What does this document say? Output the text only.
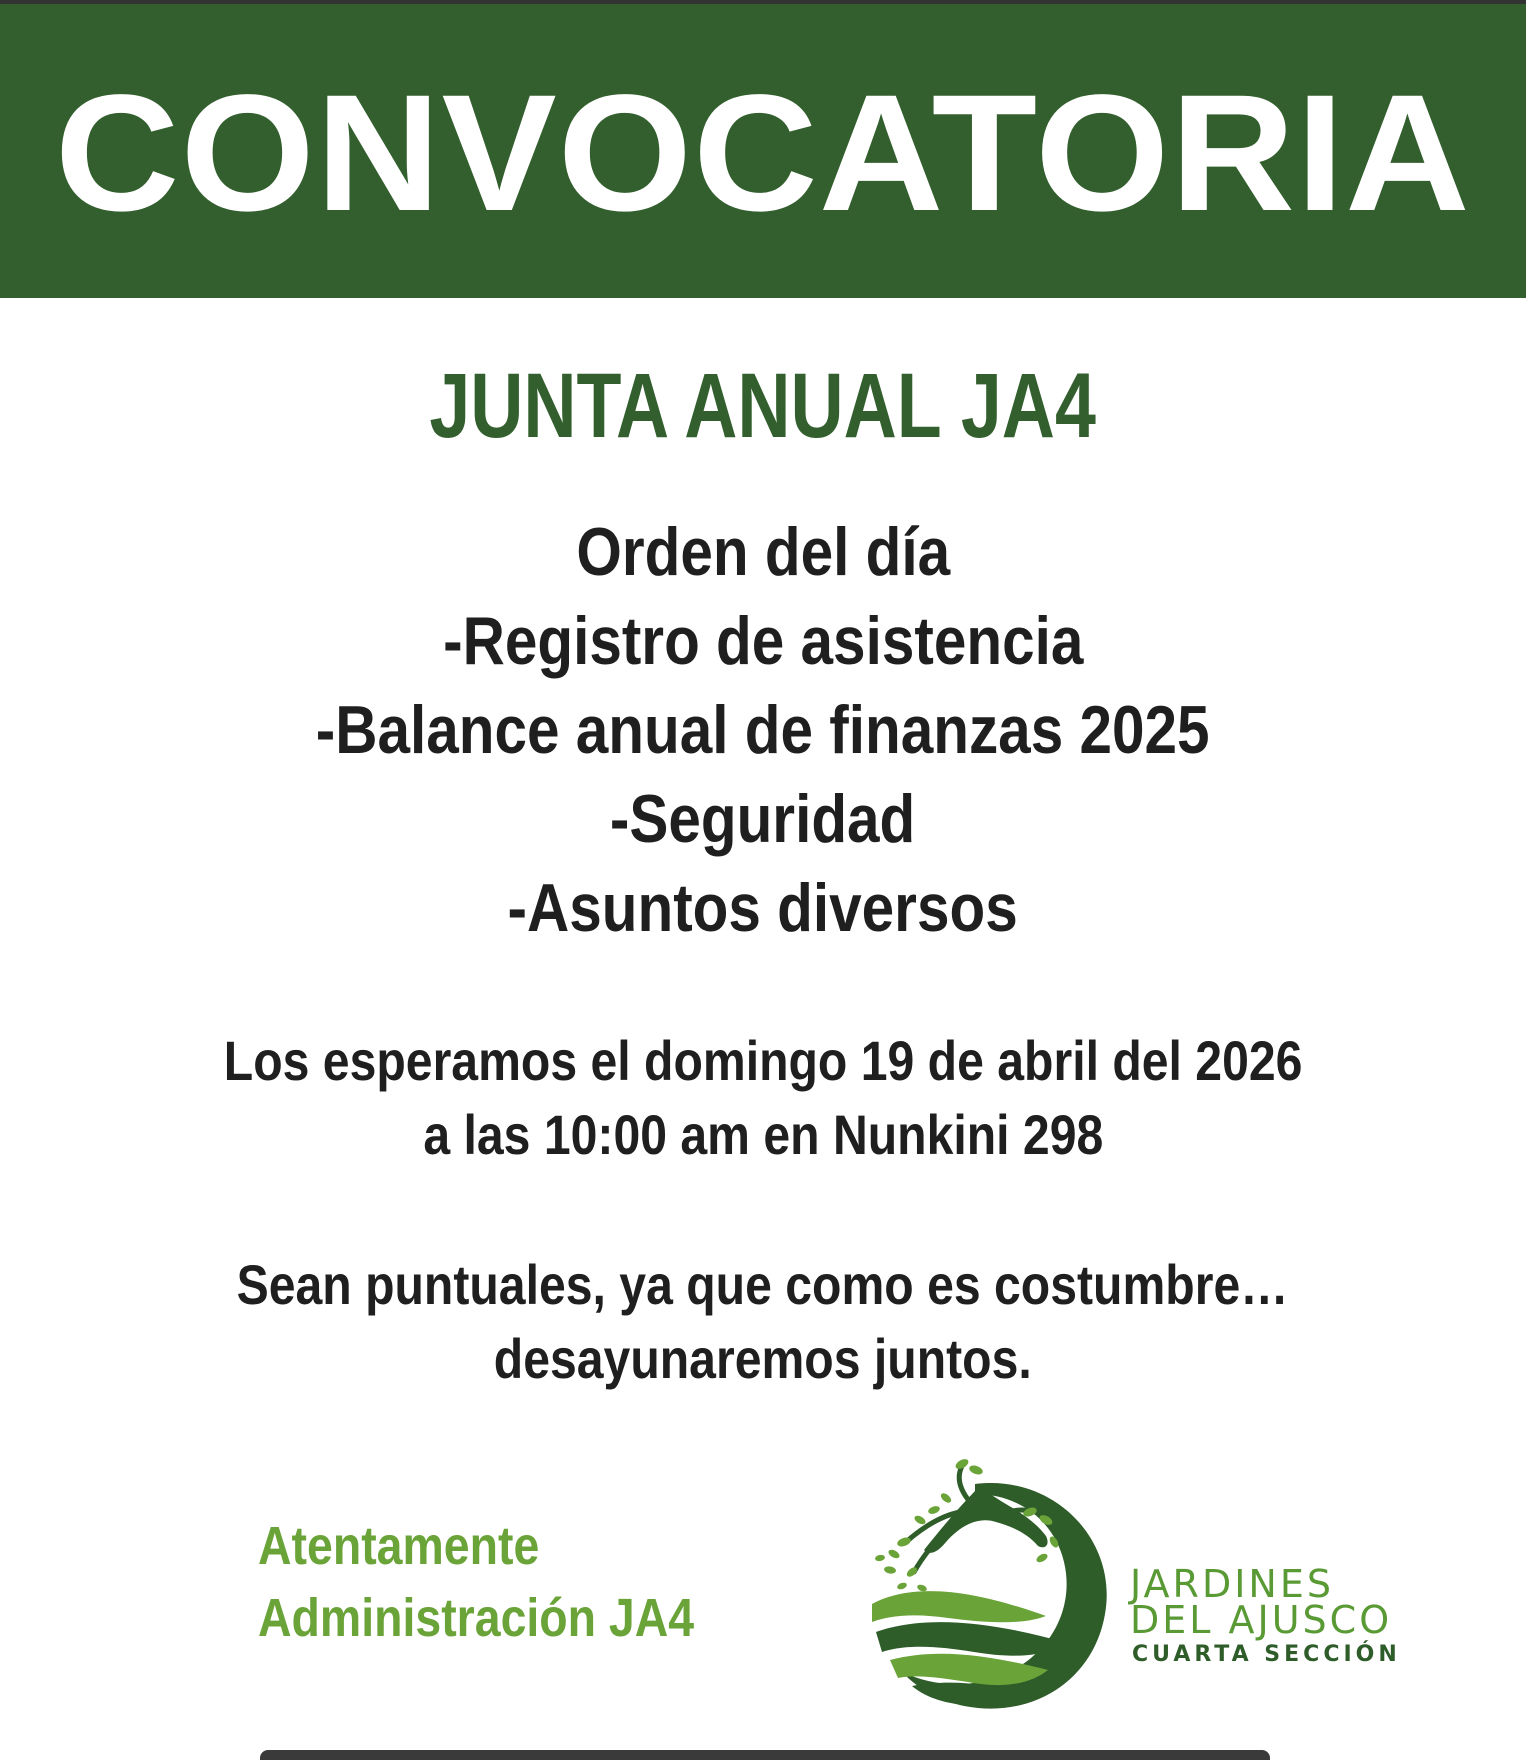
CONVOCATORIA
JUNTA ANUAL JA4
Orden del día
-Registro de asistencia
-Balance anual de finanzas 2025
-Seguridad
-Asuntos diversos
Los esperamos el domingo 19 de abril del 2026
a las 10:00 am en Nunkini 298
Sean puntuales, ya que como es costumbre…
desayunaremos juntos.
Atentamente
Administración JA4
JARDINES
DEL AJUSCO
CUARTA SECCIÓN
